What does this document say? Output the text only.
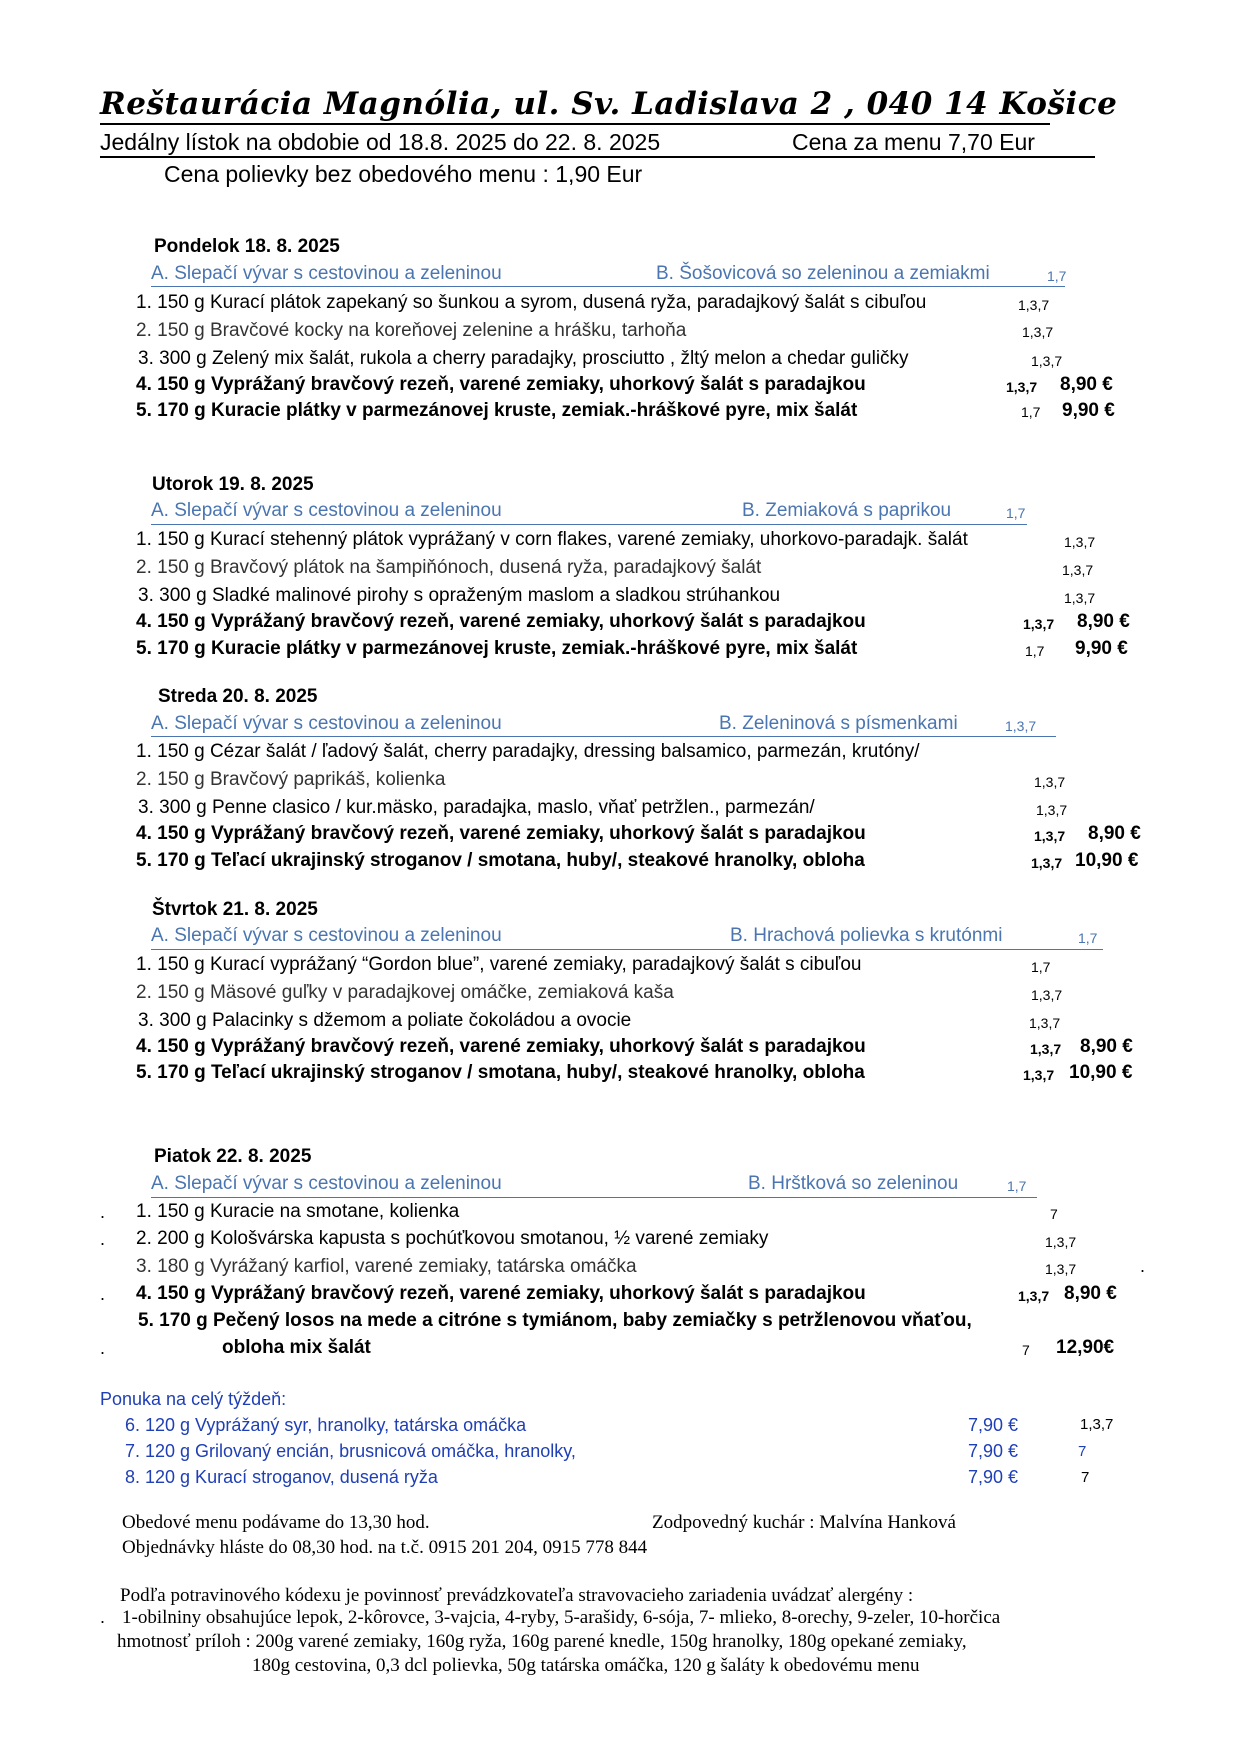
Reštaurácia Magnólia, ul. Sv. Ladislava 2 , 040 14 Košice
Jedálny lístok na obdobie od 18.8. 2025 do 22. 8. 2025	Cena za menu 7,70 Eur
Cena polievky bez obedového menu : 1,90 Eur
Pondelok 18. 8. 2025
A. Slepačí vývar s cestovinou a zeleninou	B. Šošovicová so zeleninou a zemiakmi	1,7
1. 150 g Kurací plátok zapekaný so šunkou a syrom, dusená ryža, paradajkový šalát s cibuľou	1,3,7
2. 150 g Bravčové kocky na koreňovej zelenine a hrášku, tarhoňa	1,3,7
3. 300 g Zelený mix šalát, rukola a cherry paradajky, prosciutto , žltý melon a chedar guličky	1,3,7
4. 150 g Vyprážaný bravčový rezeň, varené zemiaky, uhorkový šalát s paradajkou	1,3,7 8,90 €
5. 170 g Kuracie plátky v parmezánovej kruste, zemiak.-hráškové pyre, mix šalát	1,7 9,90 €
Utorok 19. 8. 2025
A. Slepačí vývar s cestovinou a zeleninou	B. Zemiaková s paprikou	1,7
1. 150 g Kurací stehenný plátok vyprážaný v corn flakes, varené zemiaky, uhorkovo-paradajk. šalát	1,3,7
2. 150 g Bravčový plátok na šampiňónoch, dusená ryža, paradajkový šalát	1,3,7
3. 300 g Sladké malinové pirohy s opraženým maslom a sladkou strúhankou	1,3,7
4. 150 g Vyprážaný bravčový rezeň, varené zemiaky, uhorkový šalát s paradajkou	1,3,7 8,90 €
5. 170 g Kuracie plátky v parmezánovej kruste, zemiak.-hráškové pyre, mix šalát	1,7 9,90 €
Streda 20. 8. 2025
A. Slepačí vývar s cestovinou a zeleninou	B. Zeleninová s písmenkami	1,3,7
1. 150 g Cézar šalát / ľadový šalát, cherry paradajky, dressing balsamico, parmezán, krutóny/
2. 150 g Bravčový paprikáš, kolienka	1,3,7
3. 300 g Penne clasico / kur.mäsko, paradajka, maslo, vňať petržlen., parmezán/	1,3,7
4. 150 g Vyprážaný bravčový rezeň, varené zemiaky, uhorkový šalát s paradajkou	1,3,7 8,90 €
5. 170 g Teľací ukrajinský stroganov / smotana, huby/, steakové hranolky, obloha	1,3,7 10,90 €
Štvrtok 21. 8. 2025
A. Slepačí vývar s cestovinou a zeleninou	B. Hrachová polievka s krutónmi	1,7
1. 150 g Kurací vyprážaný “Gordon blue”, varené zemiaky, paradajkový šalát s cibuľou	1,7
2. 150 g Mäsové guľky v paradajkovej omáčke, zemiaková kaša	1,3,7
3. 300 g Palacinky s džemom a poliate čokoládou a ovocie	1,3,7
4. 150 g Vyprážaný bravčový rezeň, varené zemiaky, uhorkový šalát s paradajkou	1,3,7 8,90 €
5. 170 g Teľací ukrajinský stroganov / smotana, huby/, steakové hranolky, obloha	1,3,7 10,90 €
Piatok 22. 8. 2025
A. Slepačí vývar s cestovinou a zeleninou	B. Hrštková so zeleninou	1,7
. 1. 150 g Kuracie na smotane, kolienka	7
. 2. 200 g Kološvárska kapusta s pochúťkovou smotanou, ½ varené zemiaky	1,3,7
3. 180 g Vyrážaný karfiol, varené zemiaky, tatárska omáčka	1,3,7	.
. 4. 150 g Vyprážaný bravčový rezeň, varené zemiaky, uhorkový šalát s paradajkou	1,3,7 8,90 €
5. 170 g Pečený losos na mede a citróne s tymiánom, baby zemiačky s petržlenovou vňaťou,
.	obloha mix šalát	7 12,90€
Ponuka na celý týždeň:
6. 120 g Vyprážaný syr, hranolky, tatárska omáčka	7,90 €	1,3,7
7. 120 g Grilovaný encián, brusnicová omáčka, hranolky,	7,90 €	7
8. 120 g Kurací stroganov, dusená ryža	7,90 €	7
Obedové menu podávame do 13,30 hod.	Zodpovedný kuchár : Malvína Hanková
Objednávky hláste do 08,30 hod. na t.č. 0915 201 204, 0915 778 844
Podľa potravinového kódexu je povinnosť prevádzkovateľa stravovacieho zariadenia uvádzať alergény :
. 1-obilniny obsahujúce lepok, 2-kôrovce, 3-vajcia, 4-ryby, 5-arašidy, 6-sója, 7- mlieko, 8-orechy, 9-zeler, 10-horčica
hmotnosť príloh : 200g varené zemiaky, 160g ryža, 160g parené knedle, 150g hranolky, 180g opekané zemiaky,
180g cestovina, 0,3 dcl polievka, 50g tatárska omáčka, 120 g šaláty k obedovému menu
